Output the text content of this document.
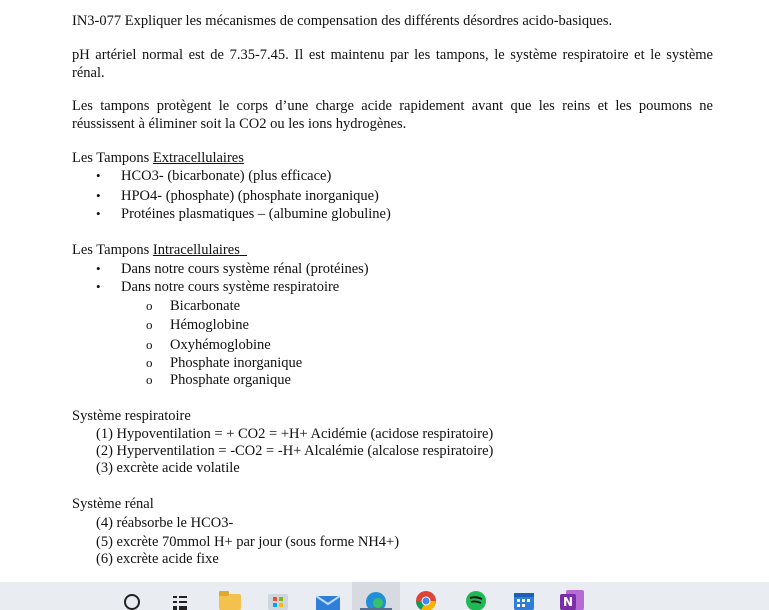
IN3-077 Expliquer les mécanismes de compensation des différents désordres acido-basiques.
pH artériel normal est de 7.35-7.45. Il est maintenu par les tampons, le système respiratoire et le système
rénal.
Les tampons protègent le corps d’une charge acide rapidement avant que les reins et les poumons ne
réussissent à éliminer soit la CO2 ou les ions hydrogènes.
Les Tampons Extracellulaires
• HCO3- (bicarbonate) (plus efficace)
• HPO4- (phosphate) (phosphate inorganique)
• Protéines plasmatiques – (albumine globuline)
Les Tampons Intracellulaires
• Dans notre cours système rénal (protéines)
• Dans notre cours système respiratoire
o Bicarbonate
o Hémoglobine
o Oxyhémoglobine
o Phosphate inorganique
o Phosphate organique
Système respiratoire
(1) Hypoventilation = + CO2 = +H+ Acidémie (acidose respiratoire)
(2) Hyperventilation = -CO2 = -H+ Alcalémie (alcalose respiratoire)
(3) excrète acide volatile
Système rénal
(4) réabsorbe le HCO3-
(5) excrète 70mmol H+ par jour (sous forme NH4+)
(6) excrète acide fixe
N
